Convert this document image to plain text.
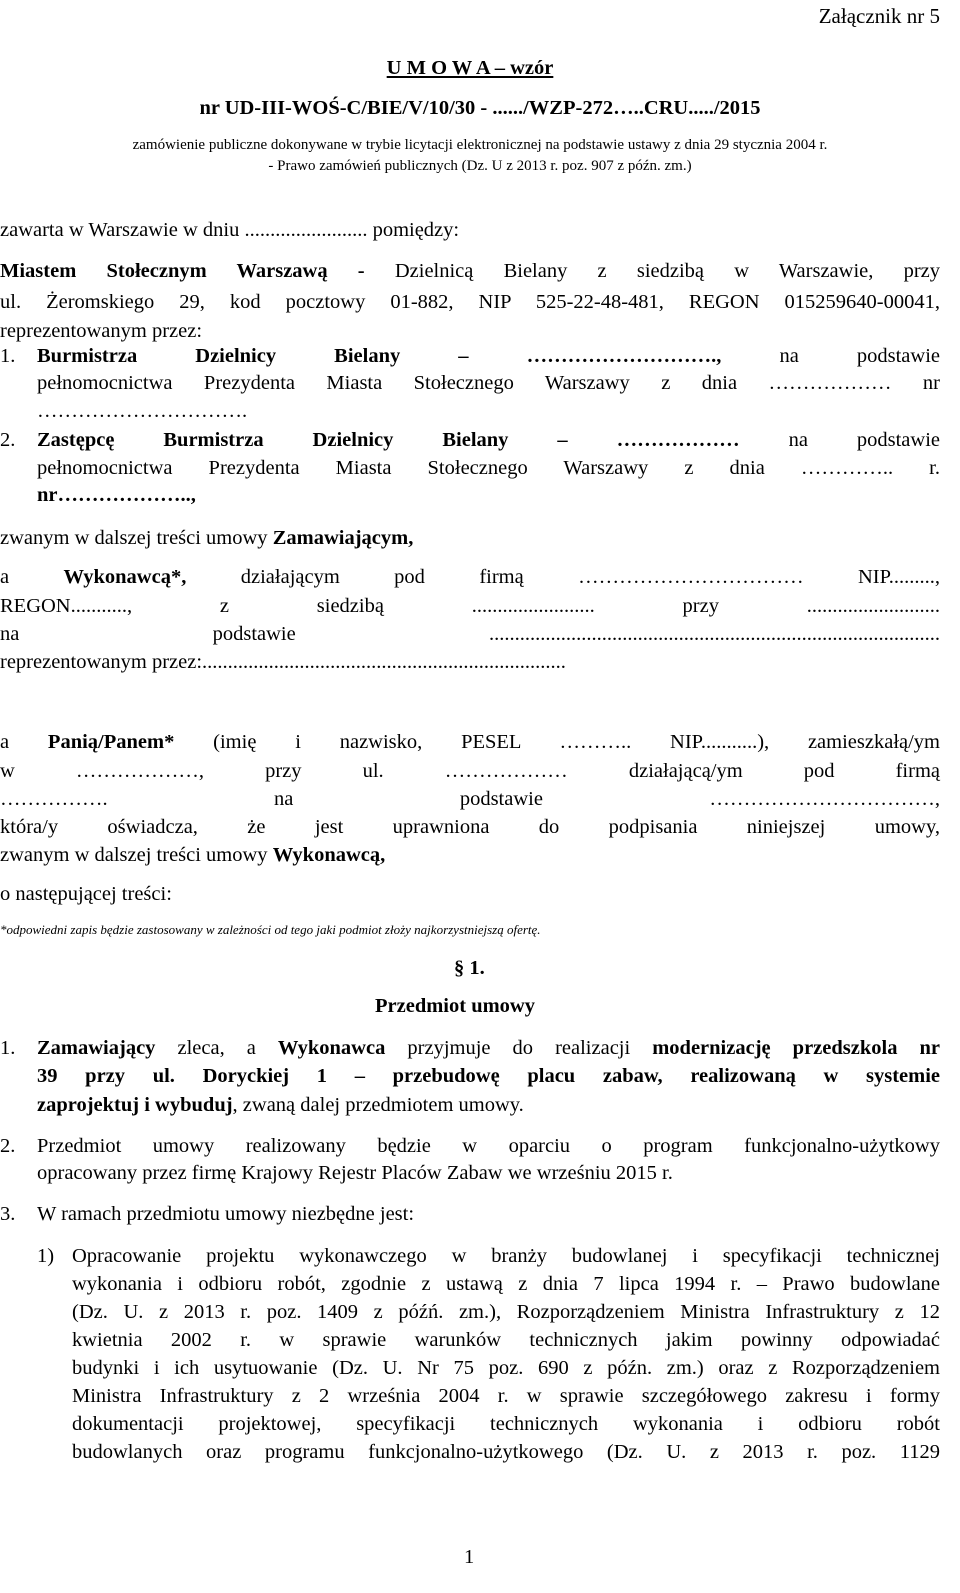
Załącznik nr 5
U M O W A – wzór
nr UD-III-WOŚ-C/BIE/V/10/30 - ....../WZP-272…..CRU...../2015
zamówienie publiczne dokonywane w trybie licytacji elektronicznej na podstawie ustawy z dnia 29 stycznia 2004 r.
- Prawo zamówień publicznych (Dz. U z 2013 r. poz. 907 z późn. zm.)
zawarta w Warszawie w dniu ........................ pomiędzy:
Miastem Stołecznym Warszawą - Dzielnicą Bielany z siedzibą w Warszawie, przy
ul. Żeromskiego 29, kod pocztowy 01-882, NIP 525-22-48-481, REGON 015259640-00041,
reprezentowanym przez:
1. Burmistrza Dzielnicy Bielany –	……………………….,	na podstawie
pełnomocnictwa Prezydenta Miasta Stołecznego Warszawy z dnia ……………… nr
………………………….
2. Zastępcę Burmistrza Dzielnicy Bielany – ……………… na podstawie
pełnomocnictwa Prezydenta Miasta Stołecznego Warszawy z dnia ………….. r.
nr………………..,
zwanym w dalszej treści umowy Zamawiającym,
a	Wykonawcą*,	działającym pod firmą …………………………… NIP.........,
REGON..........., z siedzibą ........................ przy ..........................
na podstawie ........................................................................................
reprezentowanym przez:.......................................................................
a Panią/Panem* (imię i nazwisko, PESEL ……….. NIP...........), zamieszkałą/ym
w ………………, przy ul. ……………… działającą/ym pod firmą
……………. na podstawie ……………………………,
która/y oświadcza, że jest uprawniona do podpisania niniejszej umowy,
zwanym w dalszej treści umowy Wykonawcą,
o następującej treści:
*odpowiedni zapis będzie zastosowany w zależności od tego jaki podmiot złoży najkorzystniejszą ofertę.
§ 1.
Przedmiot umowy
1. Zamawiający zleca, a Wykonawca przyjmuje do realizacji modernizację przedszkola nr
39 przy ul. Doryckiej 1 – przebudowę placu zabaw, realizowaną w systemie
zaprojektuj i wybuduj, zwaną dalej przedmiotem umowy.
2. Przedmiot umowy realizowany będzie w oparciu o program funkcjonalno-użytkowy
opracowany przez firmę Krajowy Rejestr Placów Zabaw we wrześniu 2015 r.
3. W ramach przedmiotu umowy niezbędne jest:
1) Opracowanie projektu wykonawczego w branży budowlanej i specyfikacji technicznej
wykonania i odbioru robót, zgodnie z ustawą z dnia 7 lipca 1994 r. – Prawo budowlane
(Dz. U. z 2013 r. poz. 1409 z późń. zm.), Rozporządzeniem Ministra Infrastruktury z 12
kwietnia 2002 r. w sprawie warunków technicznych jakim powinny odpowiadać
budynki i ich usytuowanie (Dz. U. Nr 75 poz. 690 z późn. zm.) oraz z Rozporządzeniem
Ministra Infrastruktury z 2 września 2004 r. w sprawie szczegółowego zakresu i formy
dokumentacji projektowej, specyfikacji technicznych wykonania i odbioru robót
budowlanych oraz programu funkcjonalno-użytkowego (Dz. U. z 2013 r. poz. 1129
1
